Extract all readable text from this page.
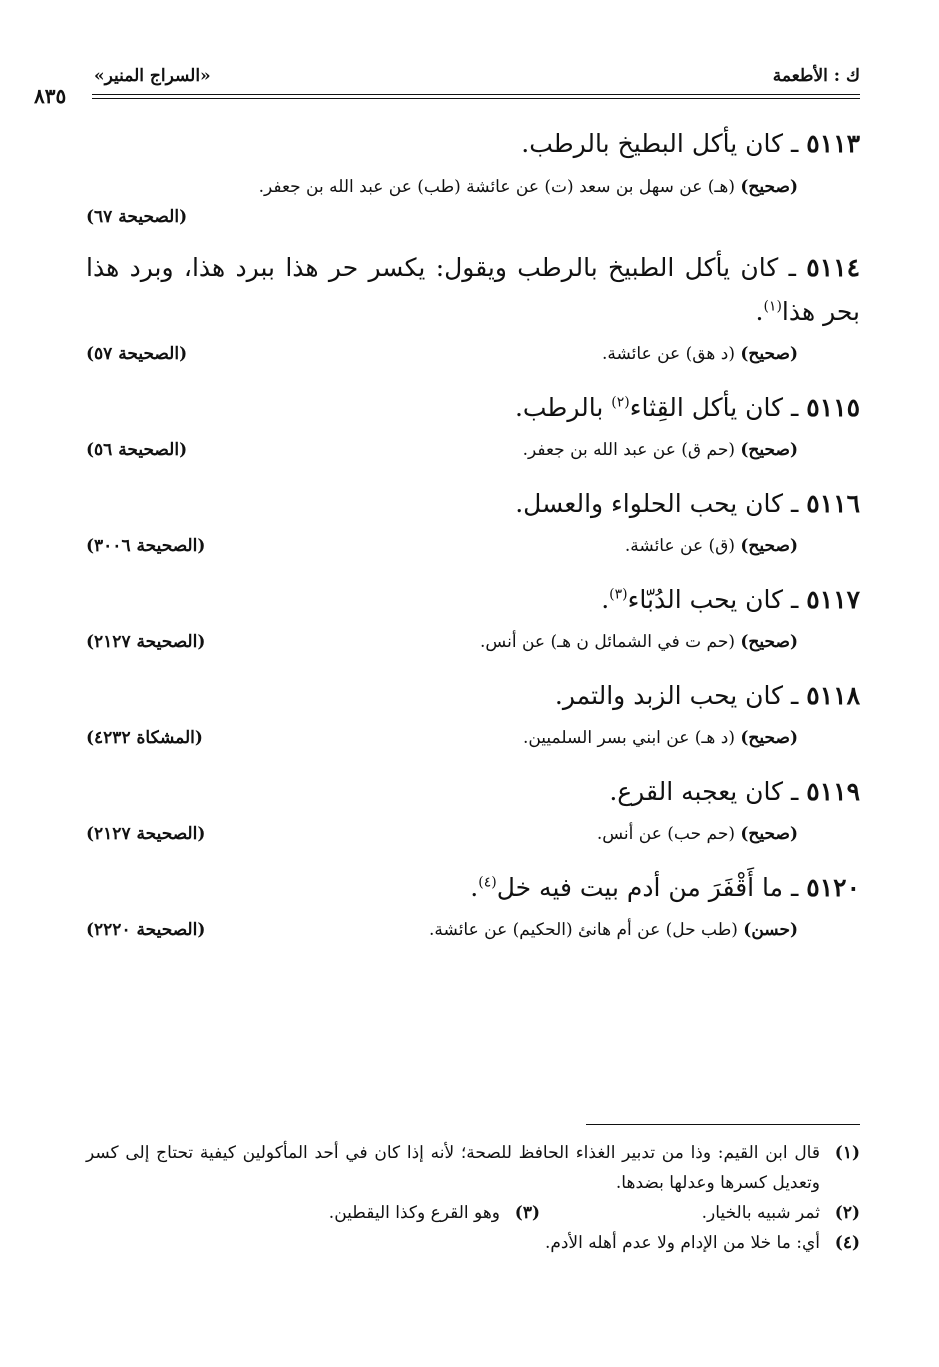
ك : الأطعمة
«السراج المنير»
٨٣٥
٥١١٣ ـ كان يأكل البطيخ بالرطب.
(صحيح) (هـ) عن سهل بن سعد (ت) عن عائشة (طب) عن عبد الله بن جعفر.
(الصحيحة ٦٧)
٥١١٤ ـ كان يأكل الطبيخ بالرطب ويقول: يكسر حر هذا ببرد هذا، وبرد هذا بحر هذا$^{(١)}$.
(صحيح) (د هق) عن عائشة.
(الصحيحة ٥٧)
٥١١٥ ـ كان يأكل القِثاء$^{(٢)}$ بالرطب.
(صحيح) (حم ق) عن عبد الله بن جعفر.
(الصحيحة ٥٦)
٥١١٦ ـ كان يحب الحلواء والعسل.
(صحيح) (ق) عن عائشة.
(الصحيحة ٣٠٠٦)
٥١١٧ ـ كان يحب الدُبّاء$^{(٣)}$.
(صحيح) (حم ت في الشمائل ن هـ) عن أنس.
(الصحيحة ٢١٢٧)
٥١١٨ ـ كان يحب الزبد والتمر.
(صحيح) (د هـ) عن ابني بسر السلميين.
(المشكاة ٤٢٣٢)
٥١١٩ ـ كان يعجبه القرع.
(صحيح) (حم حب) عن أنس.
(الصحيحة ٢١٢٧)
٥١٢٠ ـ ما أَقْفَرَ من أدم بيت فيه خل$^{(٤)}$.
(حسن) (طب حل) عن أم هانئ (الحكيم) عن عائشة.
(الصحيحة ٢٢٢٠)
(١)
قال ابن القيم: وذا من تدبير الغذاء الحافظ للصحة؛ لأنه إذا كان في أحد المأكولين كيفية تحتاج إلى كسر وتعديل كسرها وعدلها بضدها.
(٢)
ثمر شبيه بالخيار.
(٣)
وهو القرع وكذا اليقطين.
(٤)
أي: ما خلا من الإدام ولا عدم أهله الأدم.
